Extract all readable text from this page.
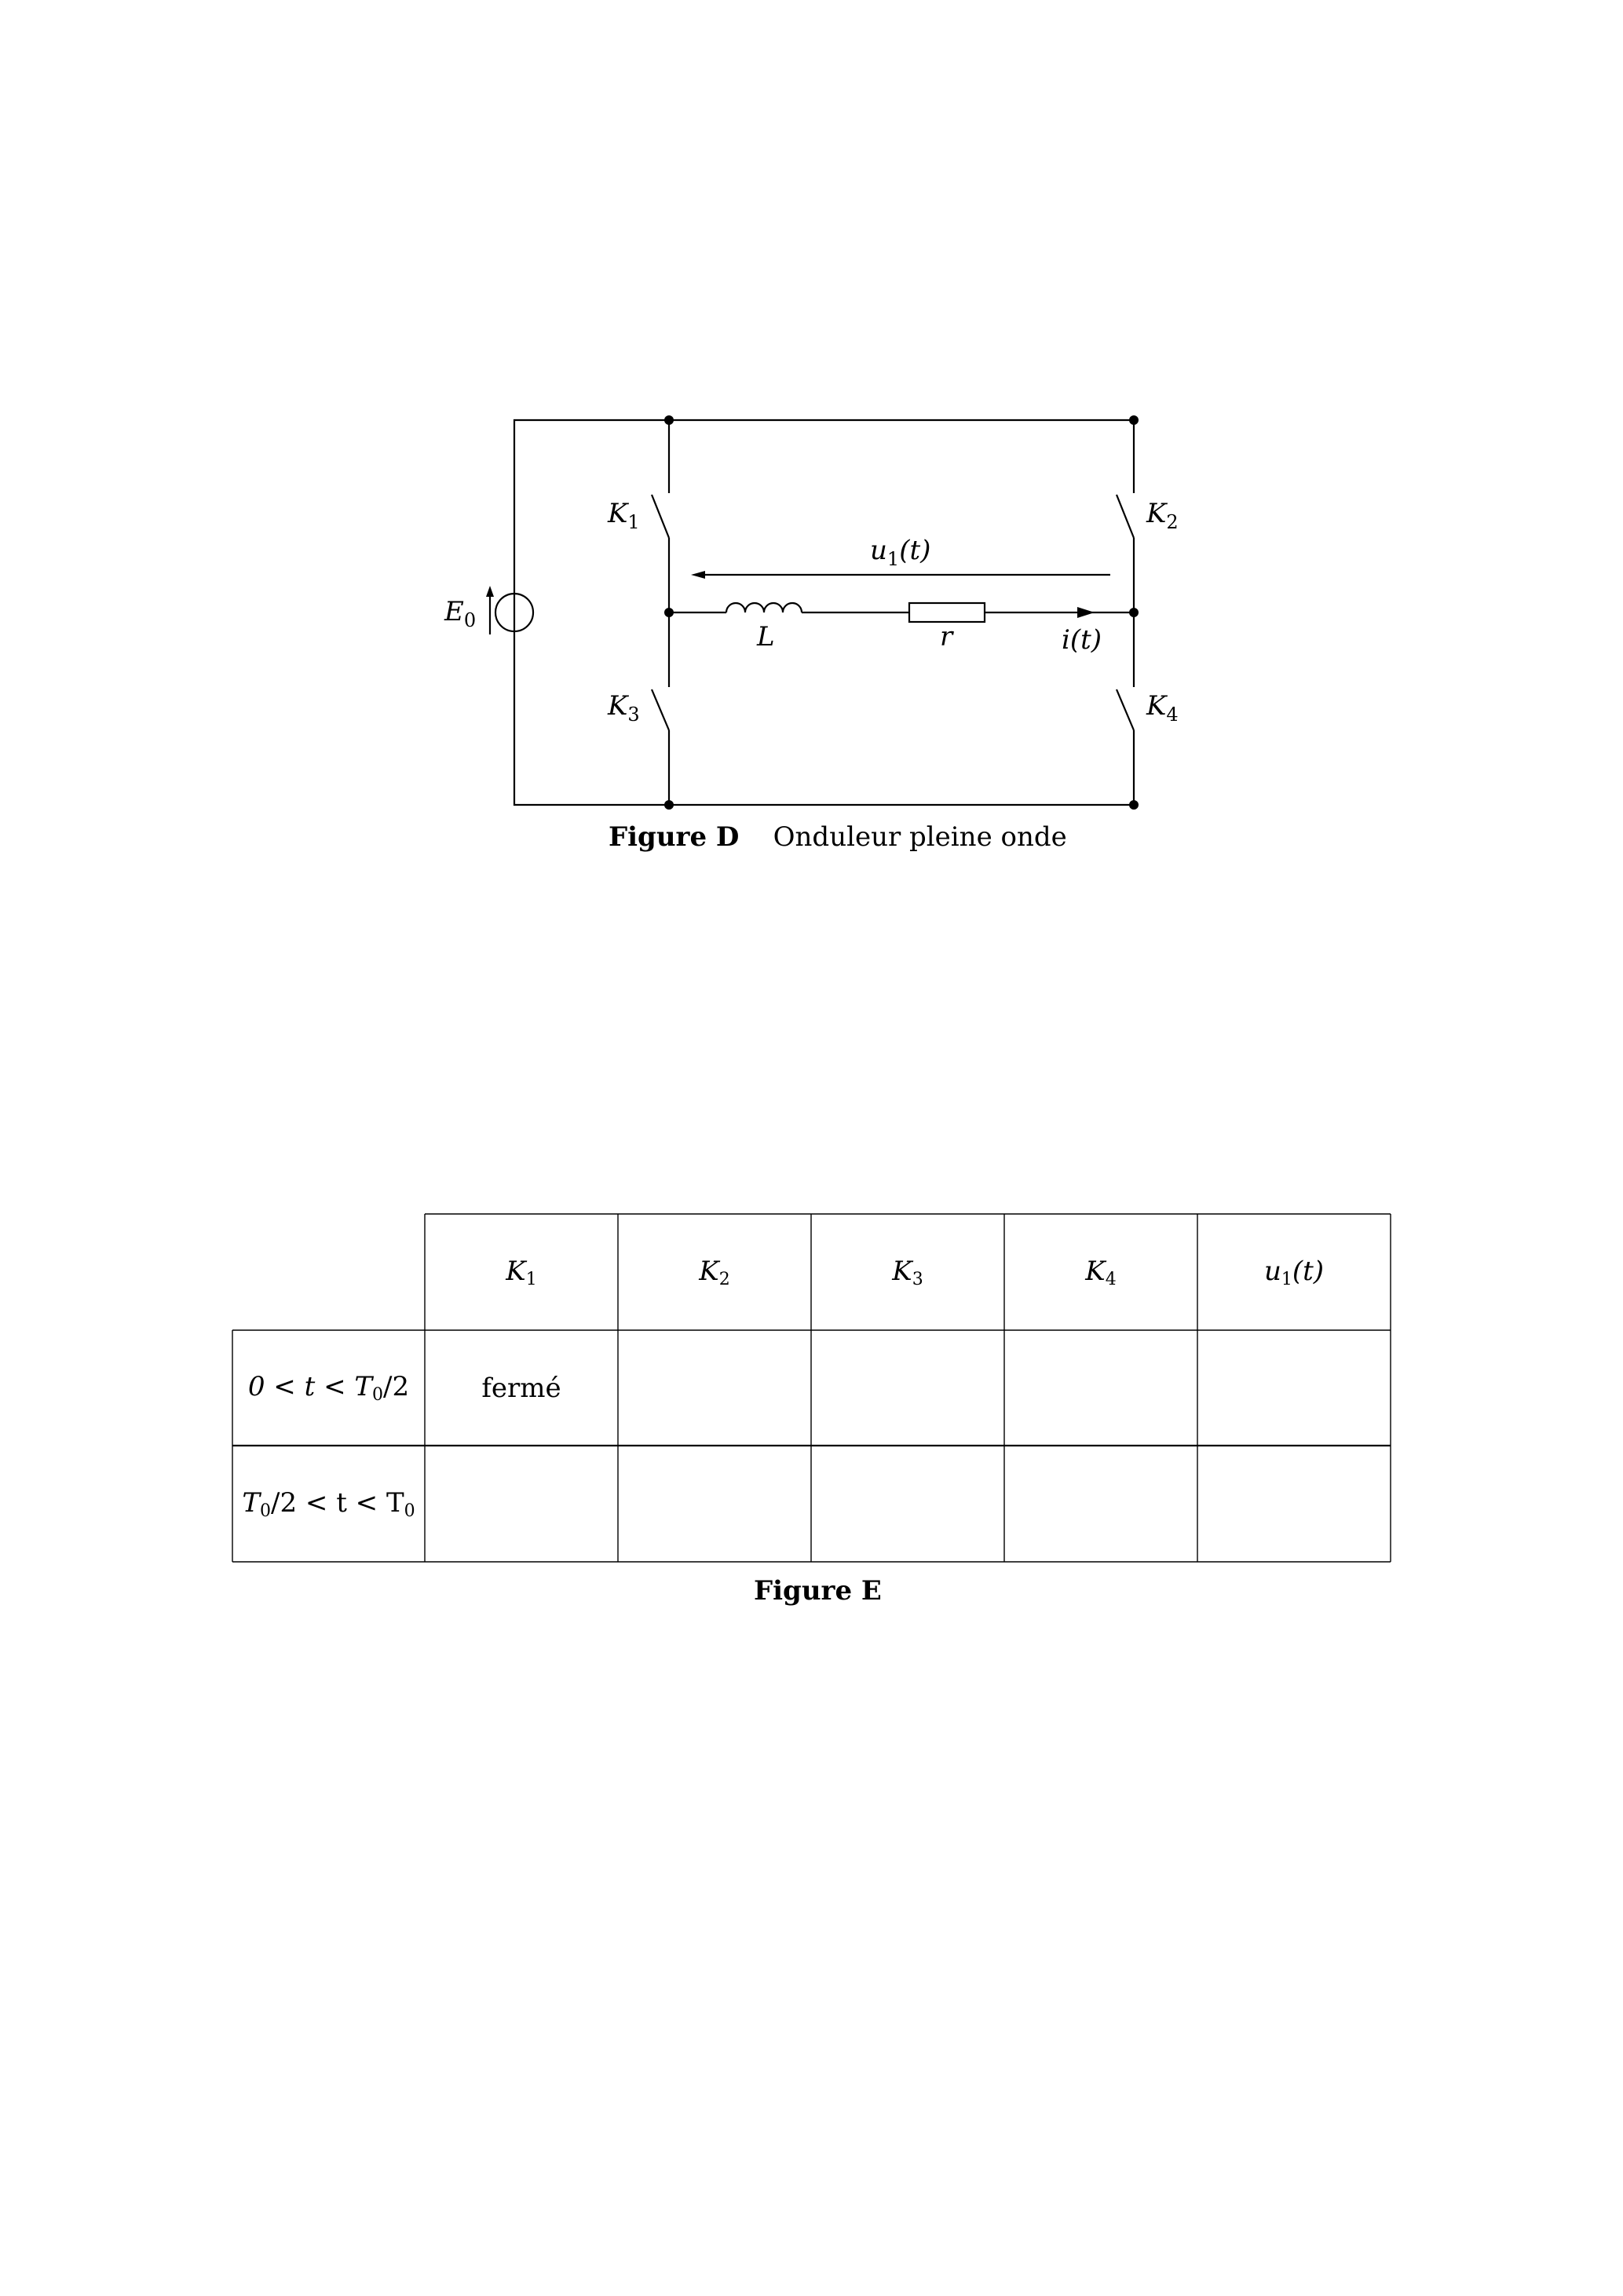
$E_0$
$K_1$	$K_2$
$K_3$	$K_4$
$u_1(t)$
L	r	i(t)
Figure D Onduleur pleine onde
$K_1$	$K_2$	$K_3$	$K_4$	$u_1(t)$
$0 < t < T_0/2$	fermé
$T_0/2 < t < T_0$
Figure E
